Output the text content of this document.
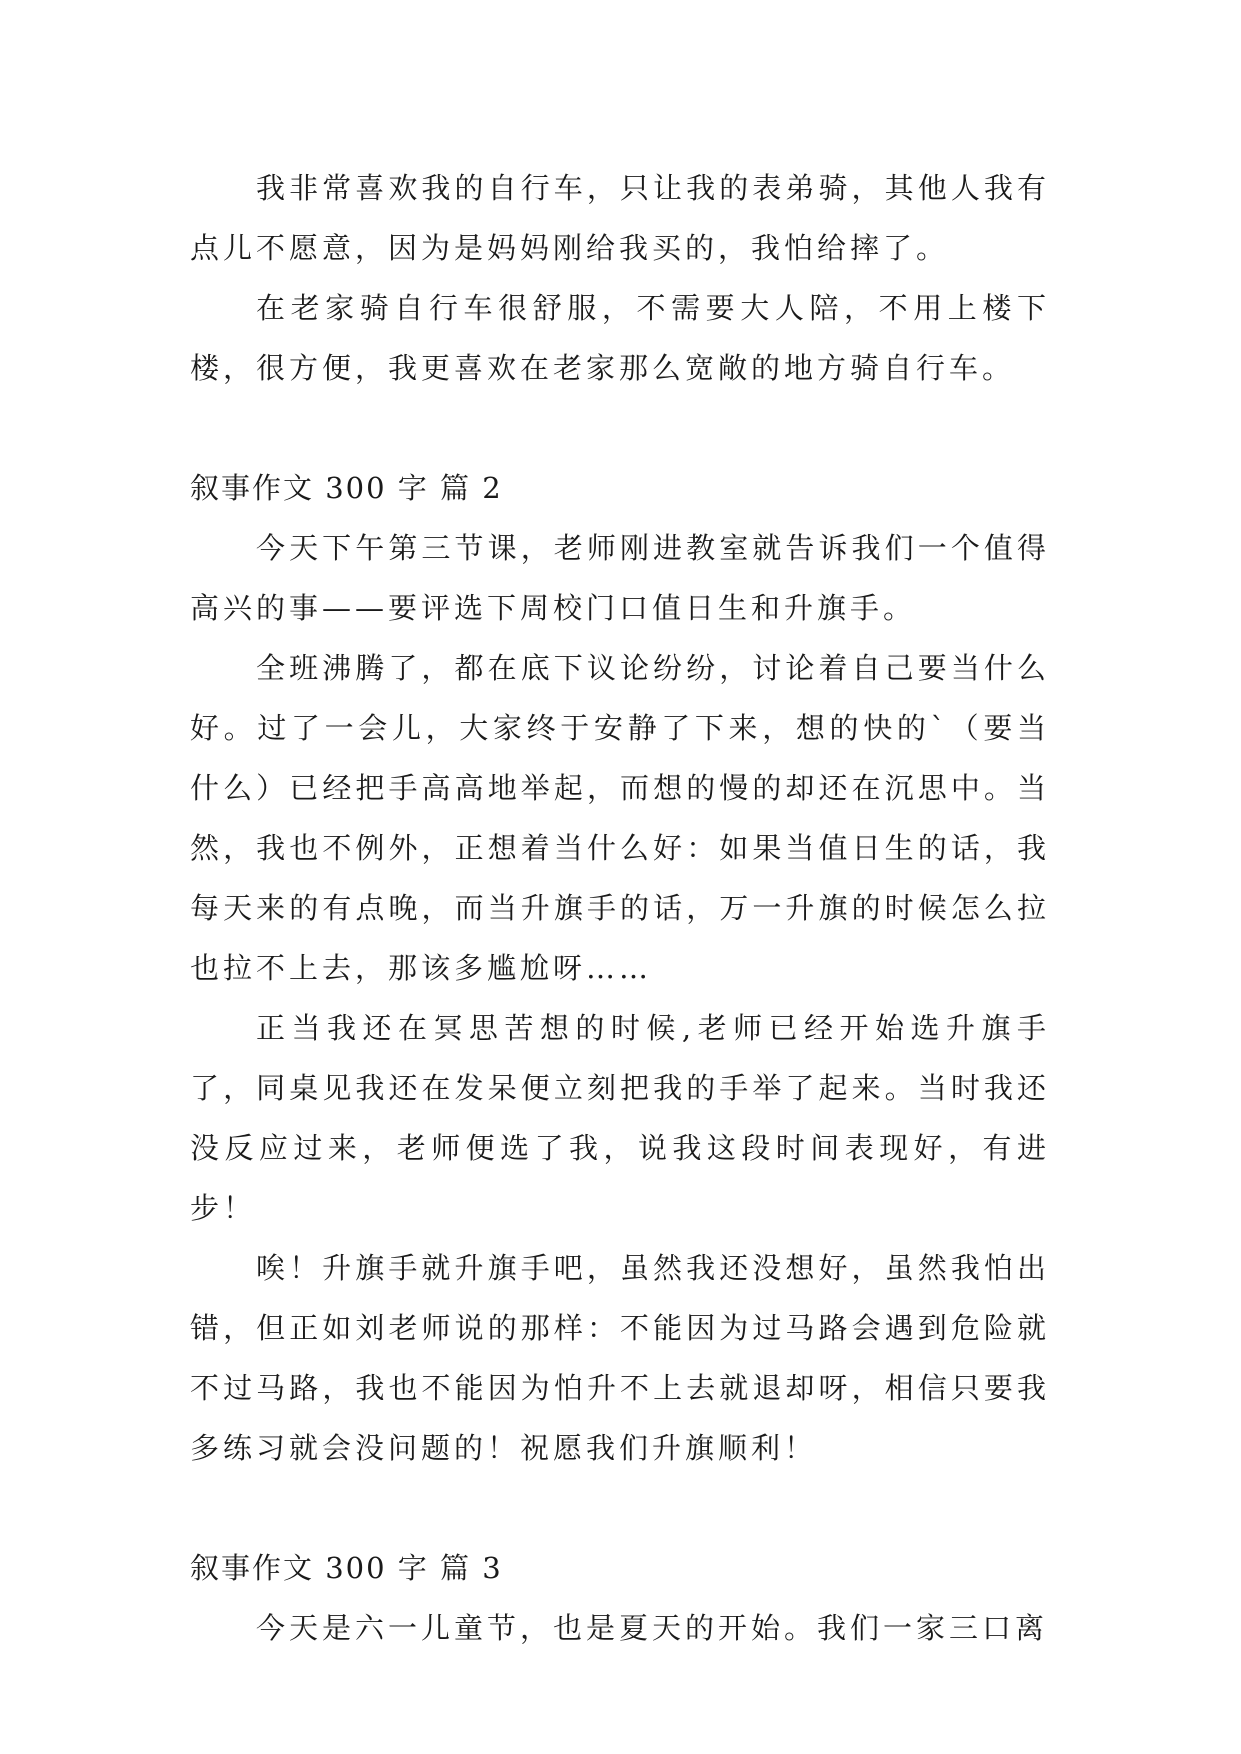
我非常喜欢我的自行车，只让我的表弟骑，其他人我有点儿不愿意，因为是妈妈刚给我买的，我怕给摔了。

在老家骑自行车很舒服，不需要大人陪，不用上楼下楼，很方便，我更喜欢在老家那么宽敞的地方骑自行车。

叙事作文 300 字 篇 2

今天下午第三节课，老师刚进教室就告诉我们一个值得高兴的事——要评选下周校门口值日生和升旗手。

全班沸腾了，都在底下议论纷纷，讨论着自己要当什么好。过了一会儿，大家终于安静了下来，想的快的`（要当什么）已经把手高高地举起，而想的慢的却还在沉思中。当然，我也不例外，正想着当什么好：如果当值日生的话，我每天来的有点晚，而当升旗手的话，万一升旗的时候怎么拉也拉不上去，那该多尴尬呀……

正当我还在冥思苦想的时候,老师已经开始选升旗手了，同桌见我还在发呆便立刻把我的手举了起来。当时我还没反应过来，老师便选了我，说我这段时间表现好，有进步！

唉！升旗手就升旗手吧，虽然我还没想好，虽然我怕出错，但正如刘老师说的那样：不能因为过马路会遇到危险就不过马路，我也不能因为怕升不上去就退却呀，相信只要我多练习就会没问题的！祝愿我们升旗顺利！

叙事作文 300 字 篇 3

今天是六一儿童节，也是夏天的开始。我们一家三口离
